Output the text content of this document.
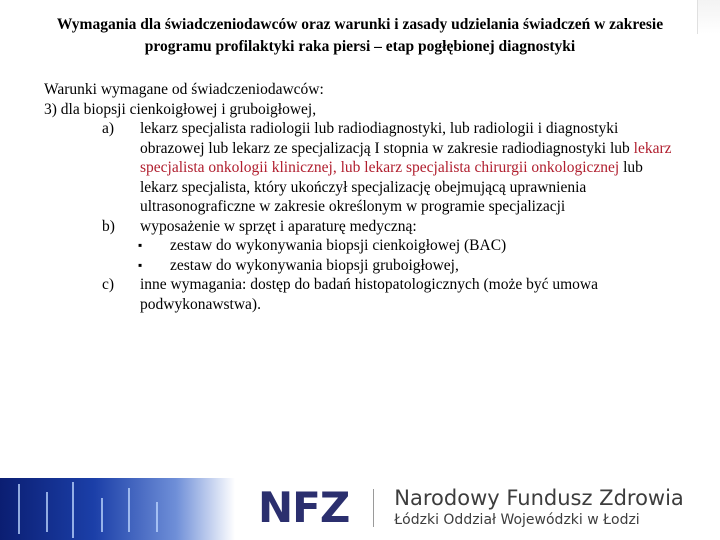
Wymagania dla świadczeniodawców oraz warunki i zasady udzielania świadczeń w zakresie programu profilaktyki raka piersi – etap pogłębionej diagnostyki

Warunki wymagane od świadczeniodawców:

3) dla biopsji cienkoigłowej i gruboigłowej,

a)	lekarz specjalista radiologii lub radiodiagnostyki, lub radiologii i diagnostyki obrazowej lub lekarz ze specjalizacją I stopnia w zakresie radiodiagnostyki lub lekarz specjalista onkologii klinicznej, lub lekarz specjalista chirurgii onkologicznej lub lekarz specjalista, który ukończył specjalizację obejmującą uprawnienia ultrasonograficzne w zakresie określonym w programie specjalizacji
b)	wyposażenie w sprzęt i aparaturę medyczną:
▪	zestaw do wykonywania biopsji cienkoigłowej (BAC)
▪	zestaw do wykonywania biopsji gruboigłowej,
c)	inne wymagania: dostęp do badań histopatologicznych (może być umowa podwykonawstwa).
NFZ Narodowy Fundusz Zdrowia
Łódzki Oddział Wojewódzki w Łodzi
